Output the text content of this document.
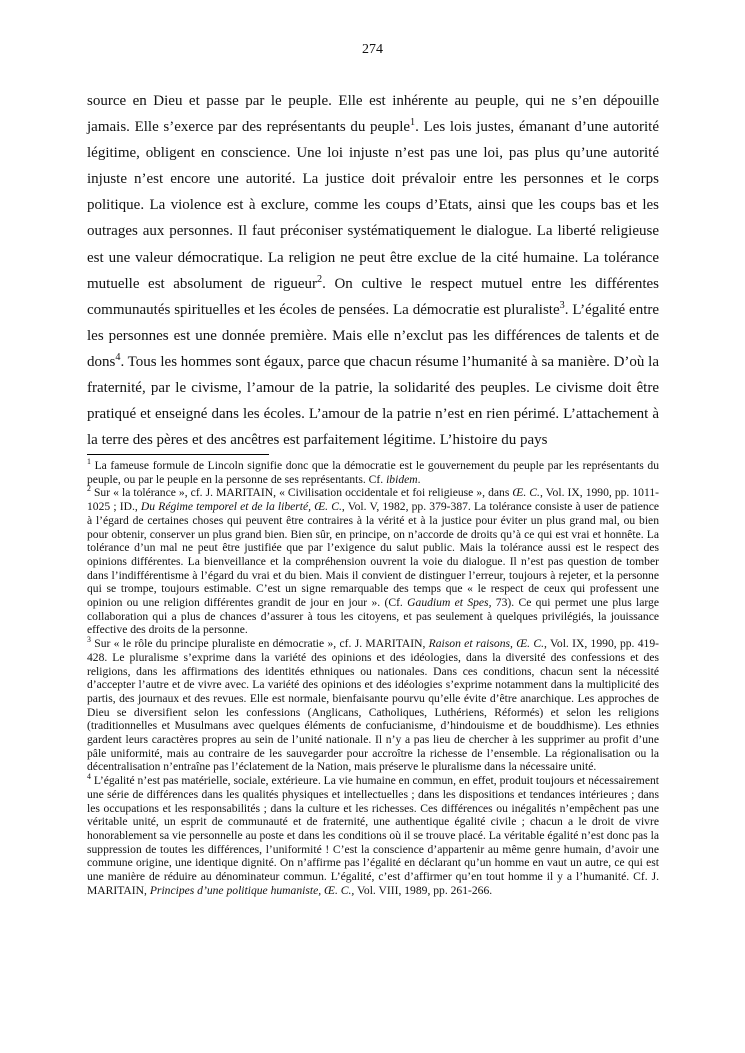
274

source en Dieu et passe par le peuple. Elle est inhérente au peuple, qui ne s’en dépouille jamais. Elle s’exerce par des représentants du peuple$^1$. Les lois justes, émanant d’une autorité légitime, obligent en conscience. Une loi injuste n’est pas une loi, pas plus qu’une autorité injuste n’est encore une autorité. La justice doit prévaloir entre les personnes et le corps politique. La violence est à exclure, comme les coups d’Etats, ainsi que les coups bas et les outrages aux personnes. Il faut préconiser systématiquement le dialogue. La liberté religieuse est une valeur démocratique. La religion ne peut être exclue de la cité humaine. La tolérance mutuelle est absolument de rigueur$^2$. On cultive le respect mutuel entre les différentes communautés spirituelles et les écoles de pensées. La démocratie est pluraliste$^3$. L’égalité entre les personnes est une donnée première. Mais elle n’exclut pas les différences de talents et de dons$^4$. Tous les hommes sont égaux, parce que chacun résume l’humanité à sa manière. D’où la fraternité, par le civisme, l’amour de la patrie, la solidarité des peuples. Le civisme doit être pratiqué et enseigné dans les écoles. L’amour de la patrie n’est en rien périmé. L’attachement à la terre des pères et des ancêtres est parfaitement légitime. L’histoire du pays

$^1$ La fameuse formule de Lincoln signifie donc que la démocratie est le gouvernement du peuple par les représentants du peuple, ou par le peuple en la personne de ses représentants. Cf. ibidem.

$^2$ Sur « la tolérance », cf. J. MARITAIN, « Civilisation occidentale et foi religieuse », dans Œ. C., Vol. IX, 1990, pp. 1011-1025 ; ID., Du Régime temporel et de la liberté, Œ. C., Vol. V, 1982, pp. 379-387. La tolérance consiste à user de patience à l’égard de certaines choses qui peuvent être contraires à la vérité et à la justice pour éviter un plus grand mal, ou bien pour obtenir, conserver un plus grand bien. Bien sûr, en principe, on n’accorde de droits qu’à ce qui est vrai et honnête. La tolérance d’un mal ne peut être justifiée que par l’exigence du salut public. Mais la tolérance aussi est le respect des opinions différentes. La bienveillance et la compréhension ouvrent la voie du dialogue. Il n’est pas question de tomber dans l’indifférentisme à l’égard du vrai et du bien. Mais il convient de distinguer l’erreur, toujours à rejeter, et la personne qui se trompe, toujours estimable. C’est un signe remarquable des temps que « le respect de ceux qui professent une opinion ou une religion différentes grandit de jour en jour ». (Cf. Gaudium et Spes, 73). Ce qui permet une plus large collaboration qui a plus de chances d’assurer à tous les citoyens, et pas seulement à quelques privilégiés, la jouissance effective des droits de la personne.

$^3$ Sur « le rôle du principe pluraliste en démocratie », cf. J. MARITAIN, Raison et raisons, Œ. C., Vol. IX, 1990, pp. 419-428. Le pluralisme s’exprime dans la variété des opinions et des idéologies, dans la diversité des confessions et des religions, dans les affirmations des identités ethniques ou nationales. Dans ces conditions, chacun sent la nécessité d’accepter l’autre et de vivre avec. La variété des opinions et des idéologies s’exprime notamment dans la multiplicité des partis, des journaux et des revues. Elle est normale, bienfaisante pourvu qu’elle évite d’être anarchique. Les approches de Dieu se diversifient selon les confessions (Anglicans, Catholiques, Luthériens, Réformés) et selon les religions (traditionnelles et Musulmans avec quelques éléments de confucianisme, d’hindouisme et de bouddhisme). Les ethnies gardent leurs caractères propres au sein de l’unité nationale. Il n’y a pas lieu de chercher à les supprimer au profit d’une pâle uniformité, mais au contraire de les sauvegarder pour accroître la richesse de l’ensemble. La régionalisation ou la décentralisation n’entraîne pas l’éclatement de la Nation, mais préserve le pluralisme dans la nécessaire unité.

$^4$ L’égalité n’est pas matérielle, sociale, extérieure. La vie humaine en commun, en effet, produit toujours et nécessairement une série de différences dans les qualités physiques et intellectuelles ; dans les dispositions et tendances intérieures ; dans les occupations et les responsabilités ; dans la culture et les richesses. Ces différences ou inégalités n’empêchent pas une véritable unité, un esprit de communauté et de fraternité, une authentique égalité civile ; chacun a le droit de vivre honorablement sa vie personnelle au poste et dans les conditions où il se trouve placé. La véritable égalité n’est donc pas la suppression de toutes les différences, l’uniformité ! C’est la conscience d’appartenir au même genre humain, d’avoir une commune origine, une identique dignité. On n’affirme pas l’égalité en déclarant qu’un homme en vaut un autre, ce qui est une manière de réduire au dénominateur commun. L’égalité, c’est d’affirmer qu’en tout homme il y a l’humanité. Cf. J. MARITAIN, Principes d’une politique humaniste, Œ. C., Vol. VIII, 1989, pp. 261-266.
